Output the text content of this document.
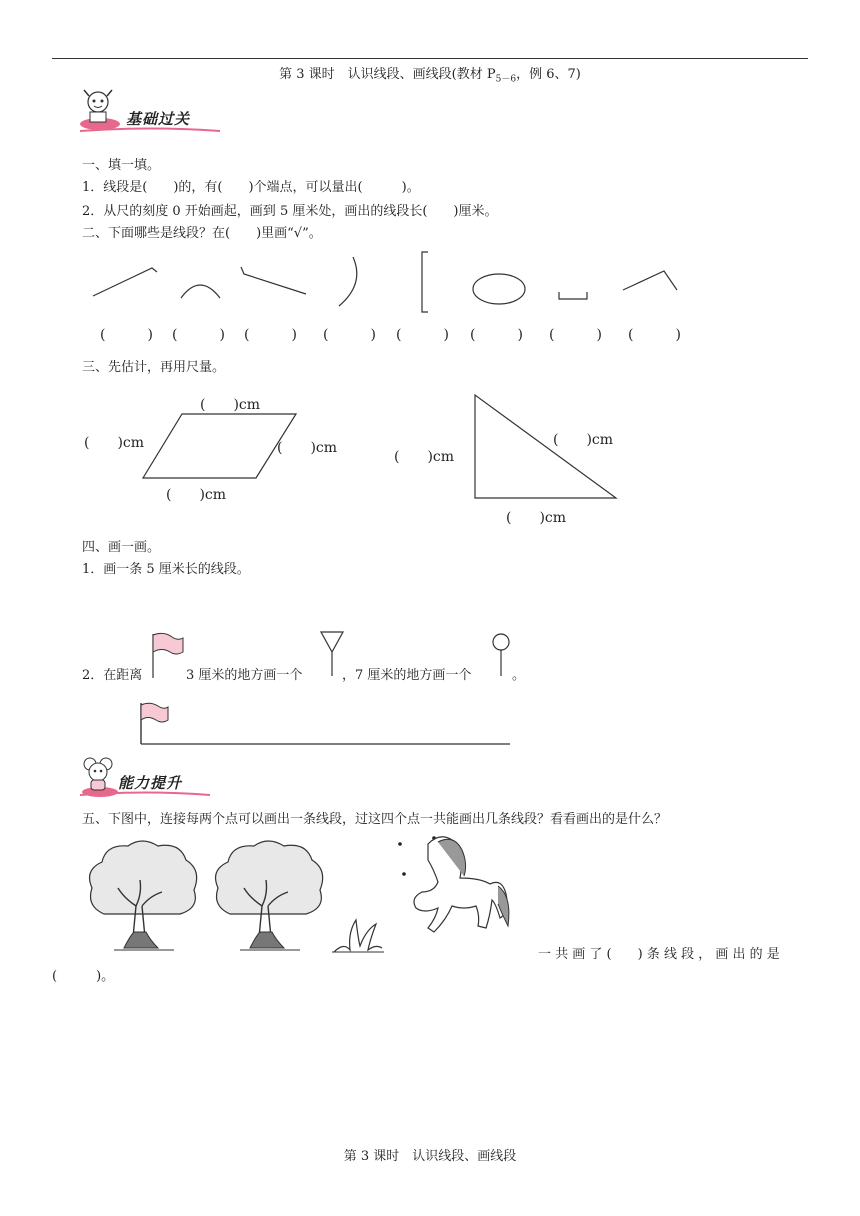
第 3 课时　认识线段、画线段(教材 $P_{5-6}$，例 6、7)
基础过关
一、填一填。
1．线段是(　　)的，有(　　)个端点，可以量出(　　　)。
2．从尺的刻度 0 开始画起，画到 5 厘米处，画出的线段长(　　)厘米。
二、下面哪些是线段？在(　　)里画“√”。
(　　　) (　　　) (　　　) (　　　) (　　　) (　　　) (　　　) (　　　)
三、先估计，再用尺量。
(　　)cm
(　　)cm	(　　)cm
(　　)cm
(　　)cm
(　　)cm
(　　)cm
四、画一画。
1．画一条 5 厘米长的线段。
2．在距离	3 厘米的地方画一个	，7 厘米的地方画一个	。
能力提升
五、下图中，连接每两个点可以画出一条线段，过这四个点一共能画出几条线段？看看画出的是什么？
一 共 画 了 (　　) 条 线 段 ， 画 出 的 是
(　　　)。
第 3 课时　认识线段、画线段
